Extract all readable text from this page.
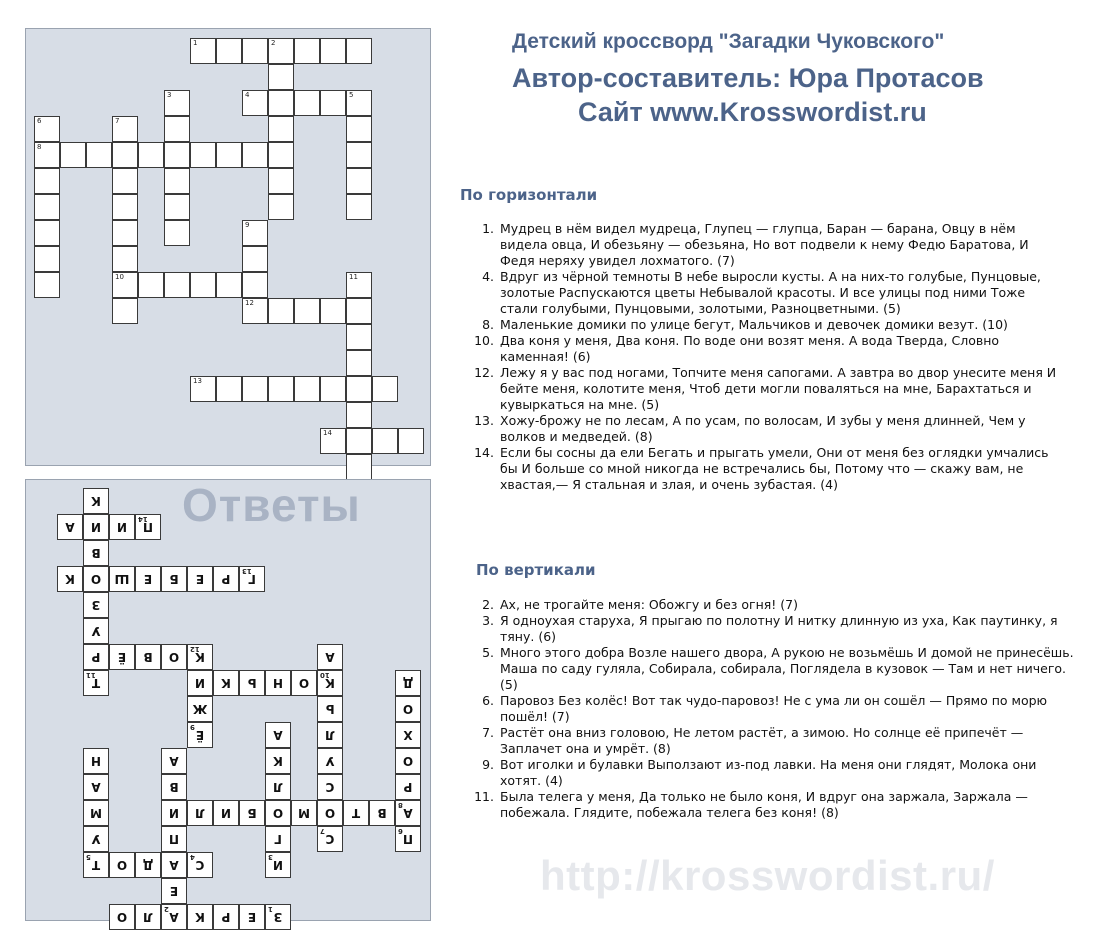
Детский кроссворд "Загадки Чуковского"
Автор-составитель: Юра Протасов
Сайт www.Krosswordist.ru
1	2
4	5
8
10
12
13
14
3
6	7
9
11
П
14
И
И
А
Г
13
Р
Е
Б
Е
Ш
О
К
К
В
З
У
Р
Т
11
К
12
О
В
Ё
К
10
О
Н
Ь
К
И
Ё
9
Ж
С
7
О
С
У
Л
Ь
А
П
6
А
8
Р
О
Х
О
Д
В
Т
М
О
Б
И
Л
И
И
3
Г
Л
К
А
А
2
Е
А
П
С
4
Д
О
Т
5
Н
А
М
У
З
1
Е
Р
К
Л
О
А
В
Ответы
По горизонтали
1. Мудрец в нём видел мудреца, Глупец — глупца, Баран — барана, Овцу в нём видела овца, И обезьяну — обезьяна, Но вот подвели к нему Федю Баратова, И Федя неряху увидел лохматого. (7)
4. Вдруг из чёрной темноты В небе выросли кусты. А на них-то голубые, Пунцовые, золотые Распускаются цветы Небывалой красоты. И все улицы под ними Тоже стали голубыми, Пунцовыми, золотыми, Разноцветными. (5)
8. Маленькие домики по улице бегут, Мальчиков и девочек домики везут. (10)
10. Два коня у меня, Два коня. По воде они возят меня. А вода Тверда, Словно каменная! (6)
12. Лежу я у вас под ногами, Топчите меня сапогами. А завтра во двор унесите меня И бейте меня, колотите меня, Чтоб дети могли поваляться на мне, Барахтаться и кувыркаться на мне. (5)
13. Хожу-брожу не по лесам, А по усам, по волосам, И зубы у меня длинней, Чем у волков и медведей. (8)
14. Если бы сосны да ели Бегать и прыгать умели, Они от меня без оглядки умчались бы И больше со мной никогда не встречались бы, Потому что — скажу вам, не хвастая,— Я стальная и злая, и очень зубастая. (4)
По вертикали
2. Ах, не трогайте меня: Обожгу и без огня! (7)
3. Я одноухая старуха, Я прыгаю по полотну И нитку длинную из уха, Как паутинку, я тяну. (6)
5. Много этого добра Возле нашего двора, А рукою не возьмёшь И домой не принесёшь. Маша по саду гуляла, Собирала, собирала, Поглядела в кузовок — Там и нет ничего. (5)
6. Паровоз Без колёс! Вот так чудо-паровоз! Не с ума ли он сошёл — Прямо по морю пошёл! (7)
7. Растёт она вниз головою, Не летом растёт, а зимою. Но солнце её припечёт — Заплачет она и умрёт. (8)
9. Вот иголки и булавки Выползают из-под лавки. На меня они глядят, Молока они хотят. (4)
11. Была телега у меня, Да только не было коня, И вдруг она заржала, Заржала — побежала. Глядите, побежала телега без коня! (8)
http://krosswordist.ru/
